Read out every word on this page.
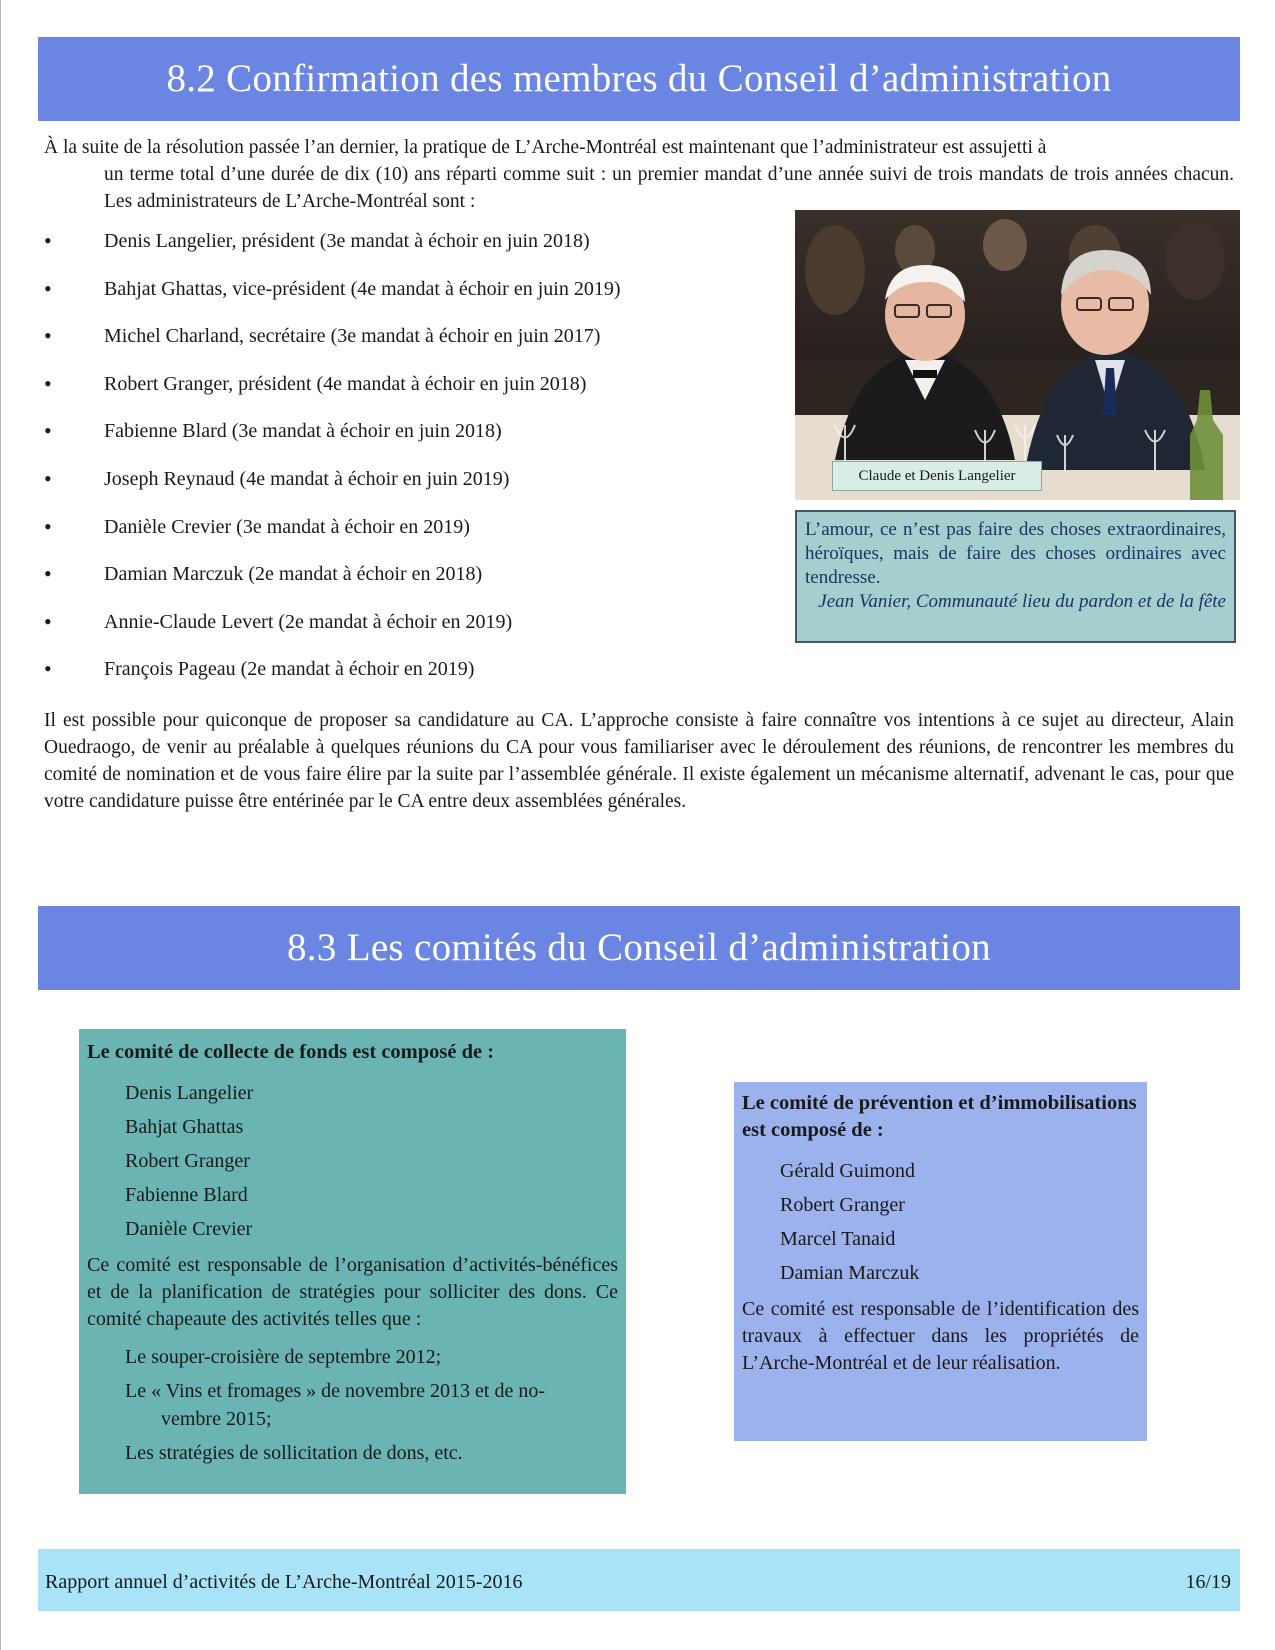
8.2 Confirmation des membres du Conseil d’administration
À la suite de la résolution passée l’an dernier, la pratique de L’Arche-Montréal est maintenant que l’administrateur est assujetti à
un terme total d’une durée de dix (10) ans réparti comme suit : un premier mandat d’une année suivi de trois mandats de trois années chacun. Les administrateurs de L’Arche-Montréal sont :
•	Denis Langelier, président (3e mandat à échoir en juin 2018)
•	Bahjat Ghattas, vice-président (4e mandat à échoir en juin 2019)
•	Michel Charland, secrétaire (3e mandat à échoir en juin 2017)
•	Robert Granger, président (4e mandat à échoir en juin 2018)
•	Fabienne Blard (3e mandat à échoir en juin 2018)
•	Joseph Reynaud (4e mandat à échoir en juin 2019)
•	Danièle Crevier (3e mandat à échoir en 2019)
•	Damian Marczuk (2e mandat à échoir en 2018)
•	Annie-Claude Levert (2e mandat à échoir en 2019)
•	François Pageau (2e mandat à échoir en 2019)
Claude et Denis Langelier
L’amour, ce n’est pas faire des choses extraordinaires, héroïques, mais de faire des choses ordinaires avec tendresse.
Jean Vanier, Communauté lieu du pardon et de la fête
Il est possible pour quiconque de proposer sa candidature au CA. L’approche consiste à faire connaître vos intentions à ce sujet au directeur, Alain Ouedraogo, de venir au préalable à quelques réunions du CA pour vous familiariser avec le déroulement des réunions, de rencontrer les membres du comité de nomination et de vous faire élire par la suite par l’assemblée générale. Il existe également un mécanisme alternatif, advenant le cas, pour que votre candidature puisse être entérinée par le CA entre deux assemblées générales.
8.3 Les comités du Conseil d’administration
Le comité de collecte de fonds est composé de :
Denis Langelier
Bahjat Ghattas
Robert Granger
Fabienne Blard
Danièle Crevier
Ce comité est responsable de l’organisation d’activités-bénéfices et de la planification de stratégies pour solliciter des dons. Ce comité chapeaute des activités telles que :
Le souper-croisière de septembre 2012;
Le « Vins et fromages » de novembre 2013 et de no-
vembre 2015;
Les stratégies de sollicitation de dons, etc.
Le comité de prévention et d’immobilisations est composé de :
Gérald Guimond
Robert Granger
Marcel Tanaid
Damian Marczuk
Ce comité est responsable de l’identification des travaux à effectuer dans les propriétés de L’Arche-Montréal et de leur réalisation.
Rapport annuel d’activités de L’Arche-Montréal 2015-2016	16/19
